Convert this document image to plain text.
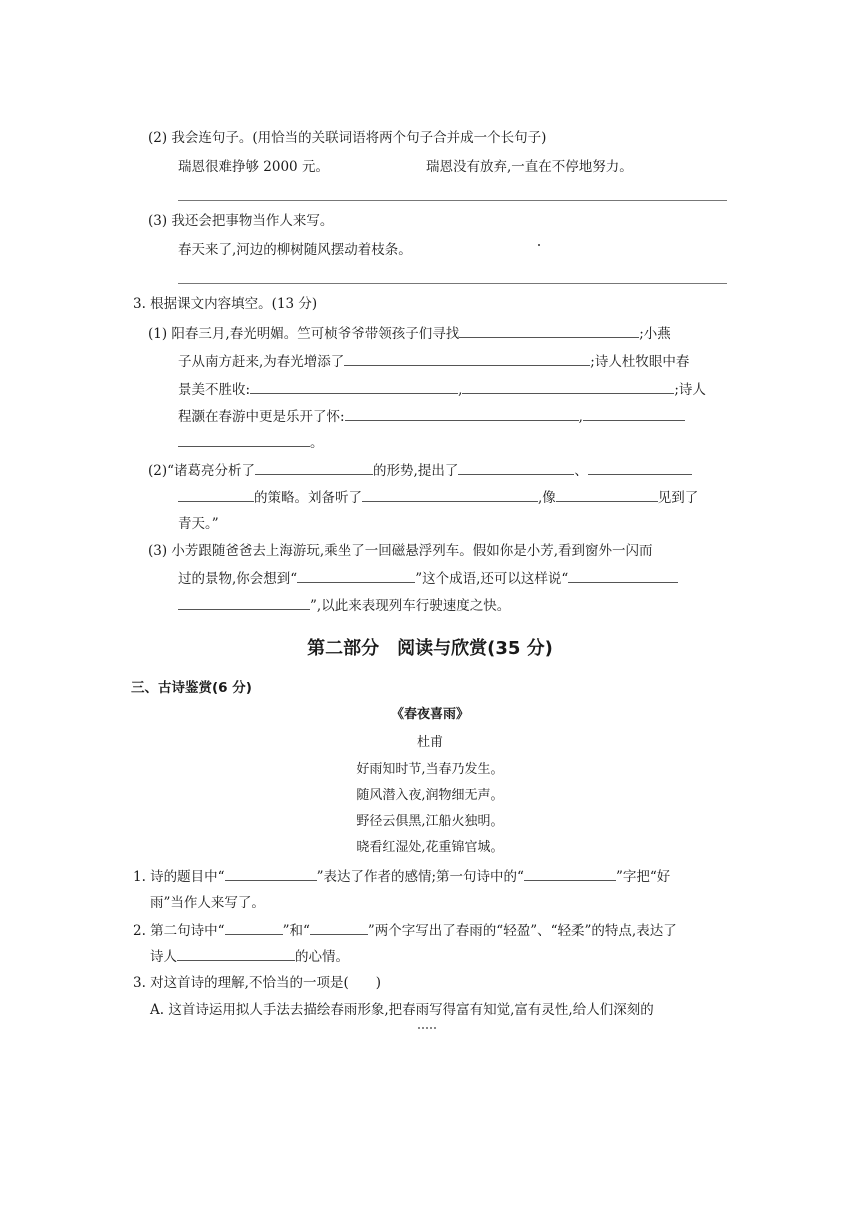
(2) 我会连句子。(用恰当的关联词语将两个句子合并成一个长句子)
瑞恩很难挣够 2000 元。	瑞恩没有放弃,一直在不停地努力。
(3) 我还会把事物当作人来写。
春天来了,河边的柳树随风摆动着枝条。
3. 根据课文内容填空。(13 分)
(1) 阳春三月,春光明媚。竺可桢爷爷带领孩子们寻找	;小燕
子从南方赶来,为春光增添了	;诗人杜牧眼中春
景美不胜收:	,	;诗人
程灏在春游中更是乐开了怀:	,
。
(2)“诸葛亮分析了	的形势,提出了	、
的策略。刘备听了	,像	见到了
青天。”
(3) 小芳跟随爸爸去上海游玩,乘坐了一回磁悬浮列车。假如你是小芳,看到窗外一闪而
过的景物,你会想到“	”这个成语,还可以这样说“
”,以此来表现列车行驶速度之快。
第二部分　阅读与欣赏(35 分)
三、古诗鉴赏(6 分)
《春夜喜雨》
杜甫
好雨知时节,当春乃发生。
随风潜入夜,润物细无声。
野径云俱黑,江船火独明。
晓看红湿处,花重锦官城。
1. 诗的题目中“	”表达了作者的感情;第一句诗中的“	”字把“好
雨”当作人来写了。
2. 第二句诗中“	”和“	”两个字写出了春雨的“轻盈”、“轻柔”的特点,表达了
诗人	的心情。
3. 对这首诗的理解,不恰当的一项是(　　)
A. 这首诗运用拟人手法去描绘春雨形象,把春雨写得富有知觉,富有灵性,给人们深刻的
